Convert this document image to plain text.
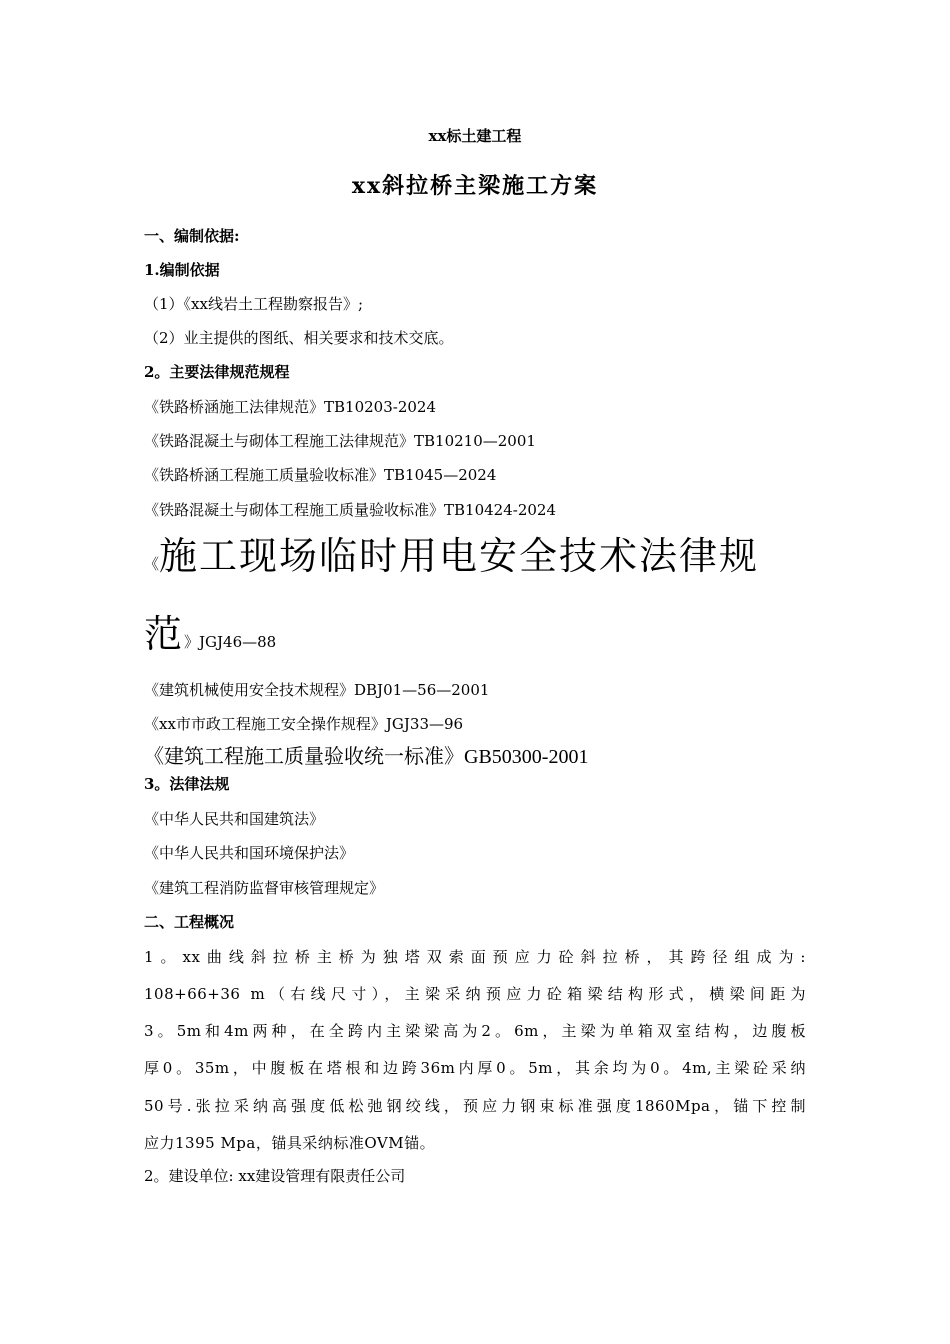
xx标土建工程
xx斜拉桥主梁施工方案
一、编制依据:
1.编制依据
（1）《xx线岩土工程勘察报告》;
（2）业主提供的图纸、相关要求和技术交底。
2。主要法律规范规程
《铁路桥涵施工法律规范》TB10203-2024
《铁路混凝土与砌体工程施工法律规范》TB10210—2001
《铁路桥涵工程施工质量验收标准》TB1045—2024
《铁路混凝土与砌体工程施工质量验收标准》TB10424-2024
《施工现场临时用电安全技术法律规
范》JGJ46—88
《建筑机械使用安全技术规程》DBJ01—56—2001
《xx市市政工程施工安全操作规程》JGJ33—96
《建筑工程施工质量验收统一标准》GB50300-2001
3。法律法规
《中华人民共和国建筑法》
《中华人民共和国环境保护法》
《建筑工程消防监督审核管理规定》
二、工程概况
1。xx曲线斜拉桥主桥为独塔双索面预应力砼斜拉桥，其跨径组成为:
108+66+36 m（右线尺寸），主梁采纳预应力砼箱梁结构形式，横梁间距为
3。5m和4m两种，在全跨内主梁梁高为2。6m，主梁为单箱双室结构，边腹板
厚0。35m，中腹板在塔根和边跨36m内厚0。5m，其余均为0。4m,主梁砼采纳
50号.张拉采纳高强度低松弛钢绞线，预应力钢束标准强度1860Mpa，锚下控制
应力1395 Mpa，锚具采纳标准OVM锚。
2。建设单位: xx建设管理有限责任公司
